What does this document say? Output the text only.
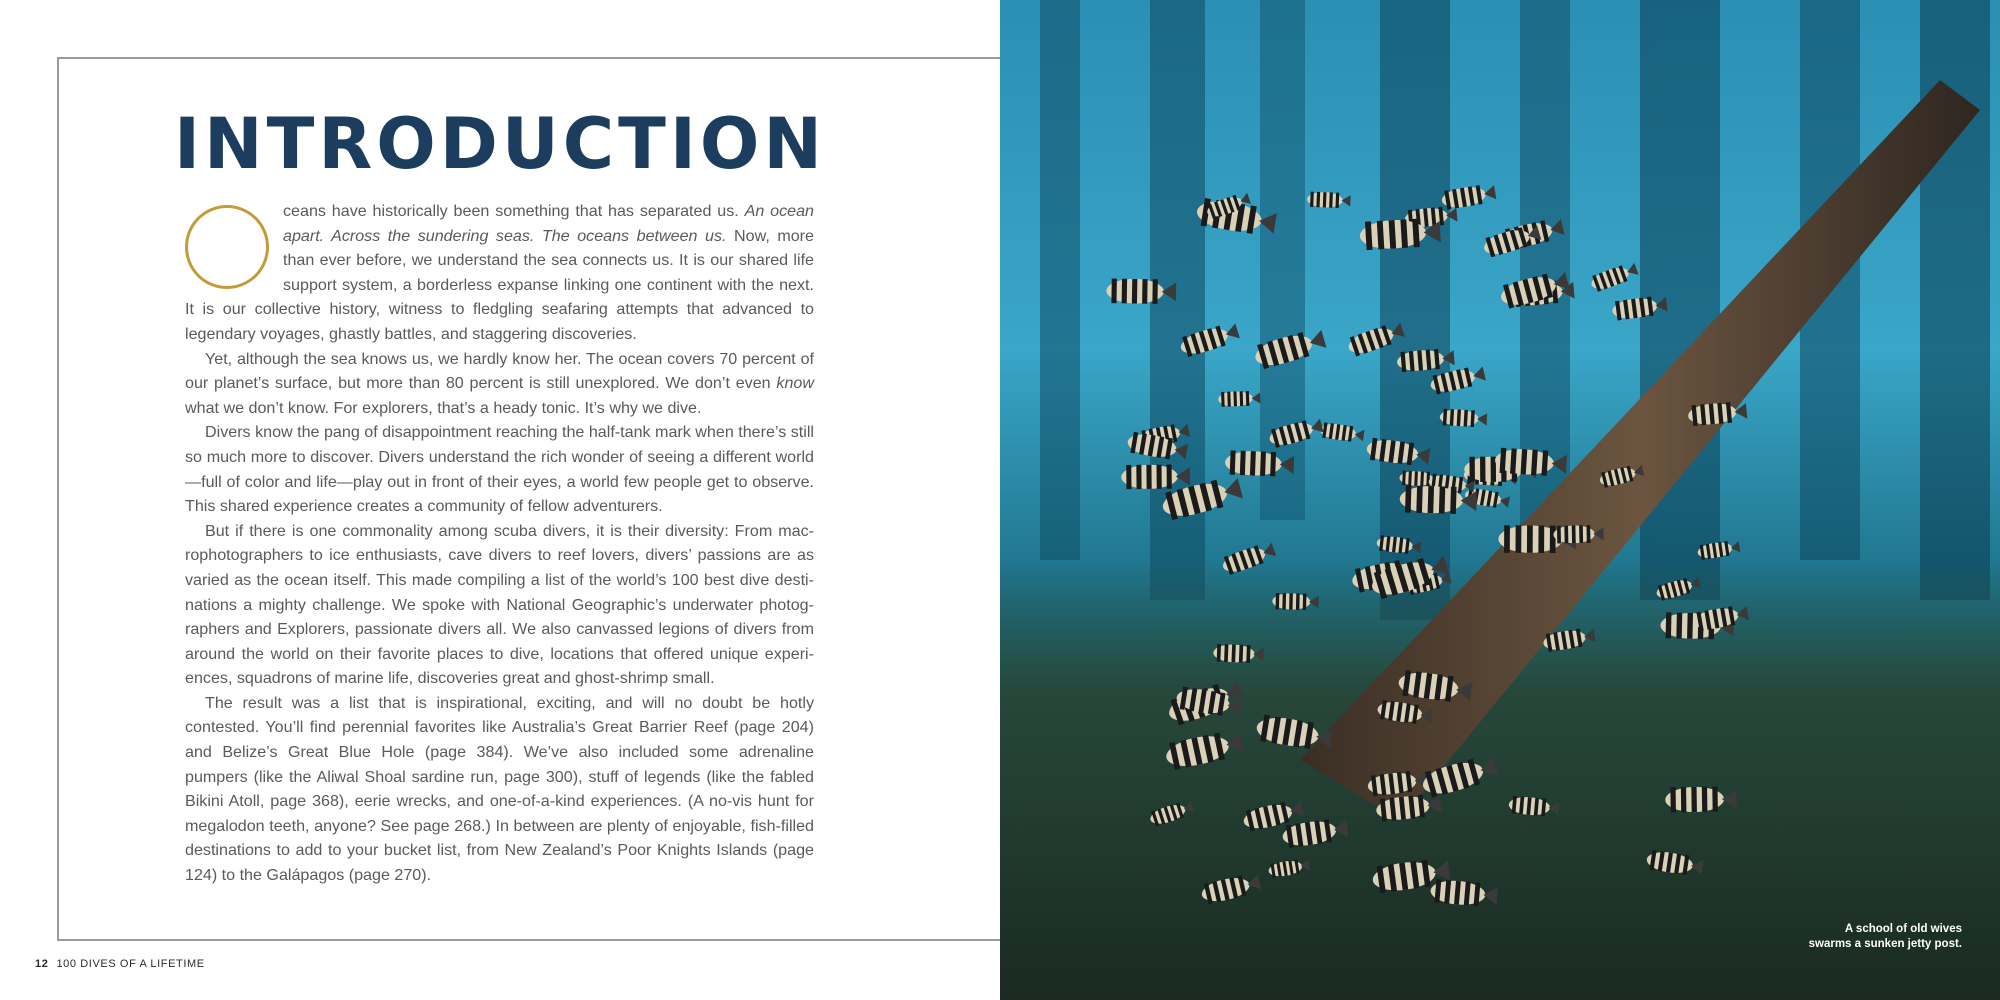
INTRODUCTION

ceans have historically been something that has separated us. An ocean apart. Across the sundering seas. The oceans between us. Now, more than ever before, we understand the sea connects us. It is our shared life support system, a borderless expanse linking one continent with the next. It is our collective history, witness to fledgling seafaring attempts that advanced to legendary voyages, ghastly battles, and staggering discoveries.

Yet, although the sea knows us, we hardly know her. The ocean covers 70 percent of our planet’s surface, but more than 80 percent is still unexplored. We don’t even know what we don’t know. For explorers, that’s a heady tonic. It’s why we dive.

Divers know the pang of disappointment reaching the half-tank mark when there’s still so much more to discover. Divers understand the rich wonder of seeing a different world—full of color and life—play out in front of their eyes, a world few people get to observe. This shared experience creates a community of fellow adventurers.

But if there is one commonality among scuba divers, it is their diversity: From macrophotographers to ice enthusiasts, cave divers to reef lovers, divers’ passions are as varied as the ocean itself. This made compiling a list of the world’s 100 best dive destinations a mighty challenge. We spoke with National Geographic’s underwater photographers and Explorers, passionate divers all. We also canvassed legions of divers from around the world on their favorite places to dive, locations that offered unique experiences, squadrons of marine life, discoveries great and ghost-shrimp small.

The result was a list that is inspirational, exciting, and will no doubt be hotly contested. You’ll find perennial favorites like Australia’s Great Barrier Reef (page 204) and Belize’s Great Blue Hole (page 384). We’ve also included some adrenaline pumpers (like the Aliwal Shoal sardine run, page 300), stuff of legends (like the fabled Bikini Atoll, page 368), eerie wrecks, and one-of-a-kind experiences. (A no-vis hunt for megalodon teeth, anyone? See page 268.) In between are plenty of enjoyable, fish-filled destinations to add to your bucket list, from New Zealand’s Poor Knights Islands (page 124) to the Galápagos (page 270).

12 100 DIVES OF A LIFETIME
A school of old wives
swarms a sunken jetty post.
